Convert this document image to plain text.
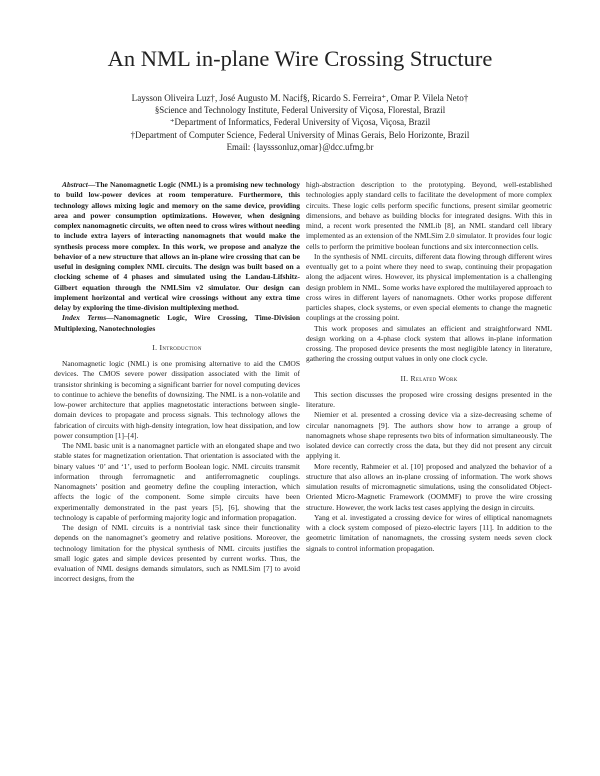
An NML in-plane Wire Crossing Structure
Laysson Oliveira Luz†, José Augusto M. Nacif§, Ricardo S. Ferreira⁺, Omar P. Vilela Neto†
§Science and Technology Institute, Federal University of Viçosa, Florestal, Brazil
⁺Department of Informatics, Federal University of Viçosa, Viçosa, Brazil
†Department of Computer Science, Federal University of Minas Gerais, Belo Horizonte, Brazil
Email: {laysssonluz,omar}@dcc.ufmg.br

Abstract—The Nanomagnetic Logic (NML) is a promising new technology to build low-power devices at room temperature. Furthermore, this technology allows mixing logic and memory on the same device, providing area and power consumption optimizations. However, when designing complex nanomagnetic circuits, we often need to cross wires without needing to include extra layers of interacting nanomagnets that would make the synthesis process more complex. In this work, we propose and analyze the behavior of a new structure that allows an in-plane wire crossing that can be useful in designing complex NML circuits. The design was built based on a clocking scheme of 4 phases and simulated using the Landau-Lifshitz-Gilbert equation through the NMLSim v2 simulator. Our design can implement horizontal and vertical wire crossings without any extra time delay by exploring the time-division multiplexing method.

Index Terms—Nanomagnetic Logic, Wire Crossing, Time-Division Multiplexing, Nanotechnologies

I. Introduction

Nanomagnetic logic (NML) is one promising alternative to aid the CMOS devices. The CMOS severe power dissipation associated with the limit of transistor shrinking is becoming a significant barrier for novel computing devices to continue to achieve the benefits of downsizing. The NML is a non-volatile and low-power architecture that applies magnetostatic interactions between single-domain devices to propagate and process signals. This technology allows the fabrication of circuits with high-density integration, low heat dissipation, and low power consumption [1]–[4].

The NML basic unit is a nanomagnet particle with an elongated shape and two stable states for magnetization orientation. That orientation is associated with the binary values ‘0’ and ‘1’, used to perform Boolean logic. NML circuits transmit information through ferromagnetic and antiferromagnetic couplings. Nanomagnets’ position and geometry define the coupling interaction, which affects the logic of the component. Some simple circuits have been experimentally demonstrated in the past years [5], [6], showing that the technology is capable of performing majority logic and information propagation.

The design of NML circuits is a nontrivial task since their functionality depends on the nanomagnet’s geometry and relative positions. Moreover, the technology limitation for the physical synthesis of NML circuits justifies the small logic gates and simple devices presented by current works. Thus, the evaluation of NML designs demands simulators, such as NMLSim [7] to avoid incorrect designs, from the

high-abstraction description to the prototyping. Beyond, well-established technologies apply standard cells to facilitate the development of more complex circuits. These logic cells perform specific functions, present similar geometric dimensions, and behave as building blocks for integrated designs. With this in mind, a recent work presented the NMLib [8], an NML standard cell library implemented as an extension of the NMLSim 2.0 simulator. It provides four logic cells to perform the primitive boolean functions and six interconnection cells.

In the synthesis of NML circuits, different data flowing through different wires eventually get to a point where they need to swap, continuing their propagation along the adjacent wires. However, its physical implementation is a challenging design problem in NML. Some works have explored the multilayered approach to cross wires in different layers of nanomagnets. Other works propose different particles shapes, clock systems, or even special elements to change the magnetic couplings at the crossing point.

This work proposes and simulates an efficient and straightforward NML design working on a 4-phase clock system that allows in-plane information crossing. The proposed device presents the most negligible latency in literature, gathering the crossing output values in only one clock cycle.

II. Related Work

This section discusses the proposed wire crossing designs presented in the literature.

Niemier et al. presented a crossing device via a size-decreasing scheme of circular nanomagnets [9]. The authors show how to arrange a group of nanomagnets whose shape represents two bits of information simultaneously. The isolated device can correctly cross the data, but they did not present any circuit applying it.

More recently, Rahmeier et al. [10] proposed and analyzed the behavior of a structure that also allows an in-plane crossing of information. The work shows simulation results of micromagnetic simulations, using the consolidated Object-Oriented Micro-Magnetic Framework (OOMMF) to prove the wire crossing structure. However, the work lacks test cases applying the design in circuits.

Yang et al. investigated a crossing device for wires of elliptical nanomagnets with a clock system composed of piezo-electric layers [11]. In addition to the geometric limitation of nanomagnets, the crossing system needs seven clock signals to control information propagation.
